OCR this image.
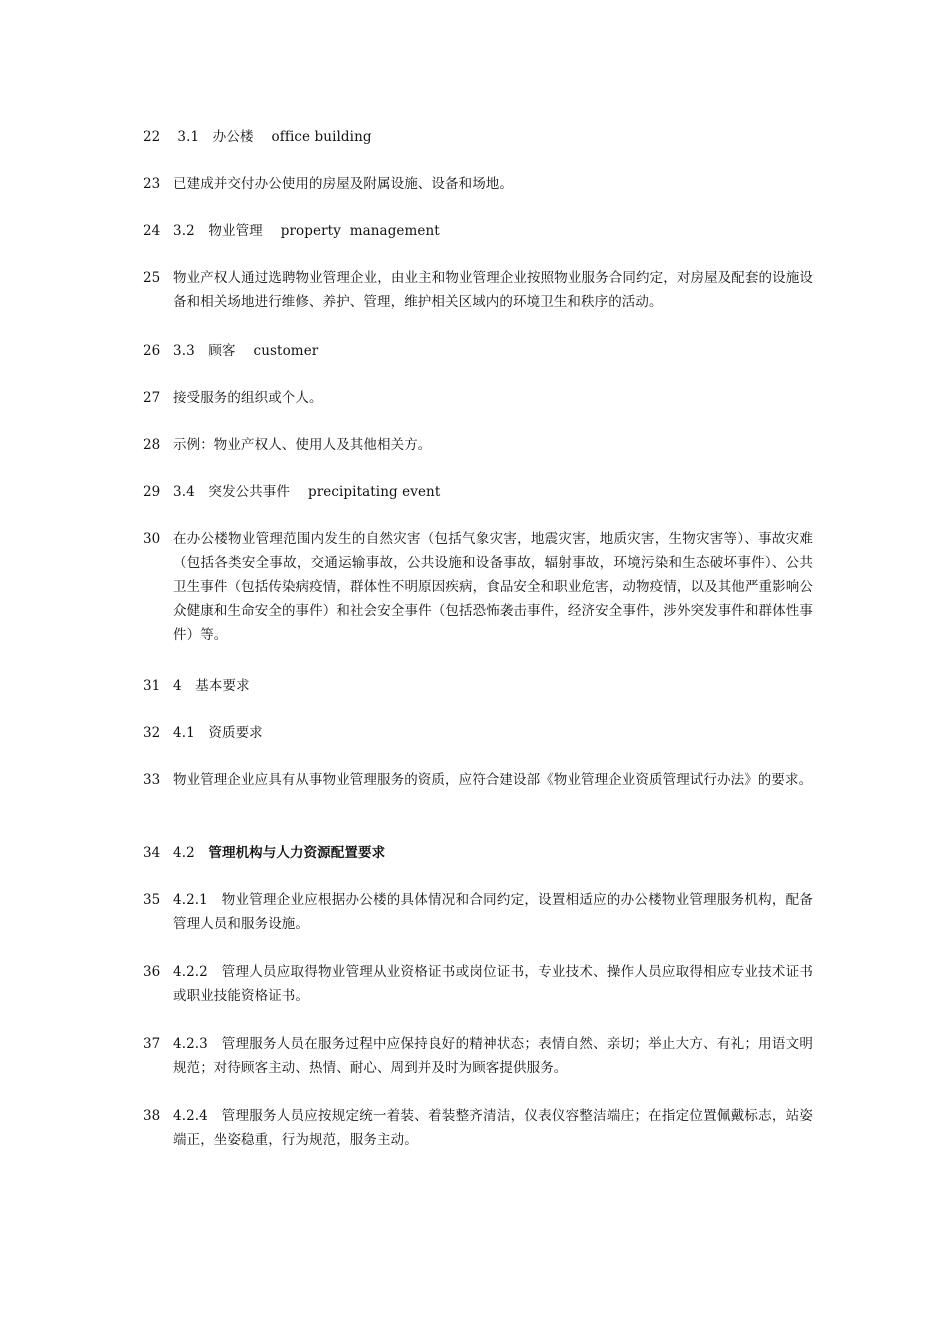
22 3.1　办公楼　 office building
23 已建成并交付办公使用的房屋及附属设施、设备和场地。
24 3.2　物业管理　 property  management
25 物业产权人通过选聘物业管理企业，由业主和物业管理企业按照物业服务合同约定，对房屋及配套的设施设备和相关场地进行维修、养护、管理，维护相关区域内的环境卫生和秩序的活动。
26 3.3　顾客　 customer
27 接受服务的组织或个人。
28 示例：物业产权人、使用人及其他相关方。
29 3.4　突发公共事件　 precipitating event
30 在办公楼物业管理范围内发生的自然灾害（包括气象灾害，地震灾害，地质灾害，生物灾害等）、事故灾难（包括各类安全事故，交通运输事故，公共设施和设备事故，辐射事故，环境污染和生态破坏事件）、公共卫生事件（包括传染病疫情，群体性不明原因疾病，食品安全和职业危害，动物疫情，以及其他严重影响公众健康和生命安全的事件）和社会安全事件（包括恐怖袭击事件，经济安全事件，涉外突发事件和群体性事件）等。
31 4　基本要求
32 4.1　资质要求
33 物业管理企业应具有从事物业管理服务的资质，应符合建设部《物业管理企业资质管理试行办法》的要求。
34 4.2　管理机构与人力资源配置要求
35 4.2.1　物业管理企业应根据办公楼的具体情况和合同约定，设置相适应的办公楼物业管理服务机构，配备管理人员和服务设施。
36 4.2.2　管理人员应取得物业管理从业资格证书或岗位证书，专业技术、操作人员应取得相应专业技术证书或职业技能资格证书。
37 4.2.3　管理服务人员在服务过程中应保持良好的精神状态；表情自然、亲切；举止大方、有礼；用语文明规范；对待顾客主动、热情、耐心、周到并及时为顾客提供服务。
38 4.2.4　管理服务人员应按规定统一着装、着装整齐清洁，仪表仪容整洁端庄；在指定位置佩戴标志，站姿端正，坐姿稳重，行为规范，服务主动。
